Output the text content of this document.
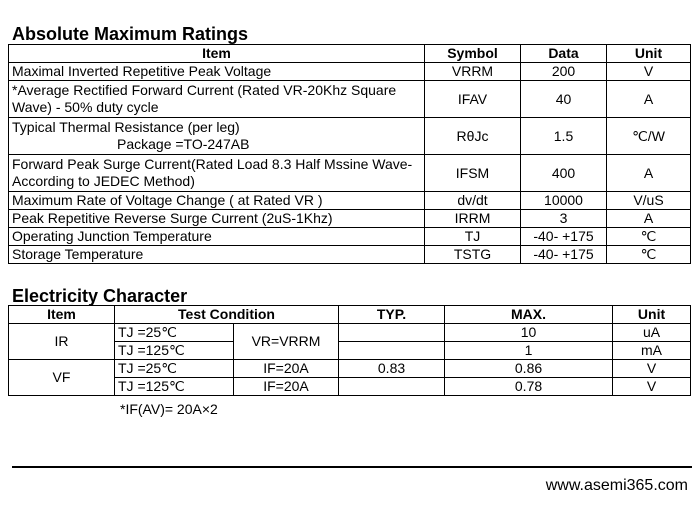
Absolute Maximum Ratings
Item	Symbol	Data	Unit
Maximal Inverted Repetitive Peak Voltage	VRRM	200	V
*Average Rectified Forward Current (Rated VR-20Khz Square Wave) - 50% duty cycle	IFAV	40	A
Typical Thermal Resistance (per leg)
Package =TO-247AB	RθJc	1.5	℃/W
Forward Peak Surge Current(Rated Load 8.3 Half Mssine Wave-According to JEDEC Method)	IFSM	400	A
Maximum Rate of Voltage Change ( at Rated VR )	dv/dt	10000	V/uS
Peak Repetitive Reverse Surge Current (2uS-1Khz)	IRRM	3	A
Operating Junction Temperature	TJ	-40- +175	℃
Storage Temperature	TSTG	-40- +175	℃
Electricity Character
Item	Test Condition		TYP.	MAX.	Unit
IR	TJ =25℃	VR=VRRM		10	uA
	TJ =125℃			1	mA
VF	TJ =25℃	IF=20A	0.83	0.86	V
	TJ =125℃	IF=20A		0.78	V
*IF(AV)= 20A×2
www.asemi365.com
